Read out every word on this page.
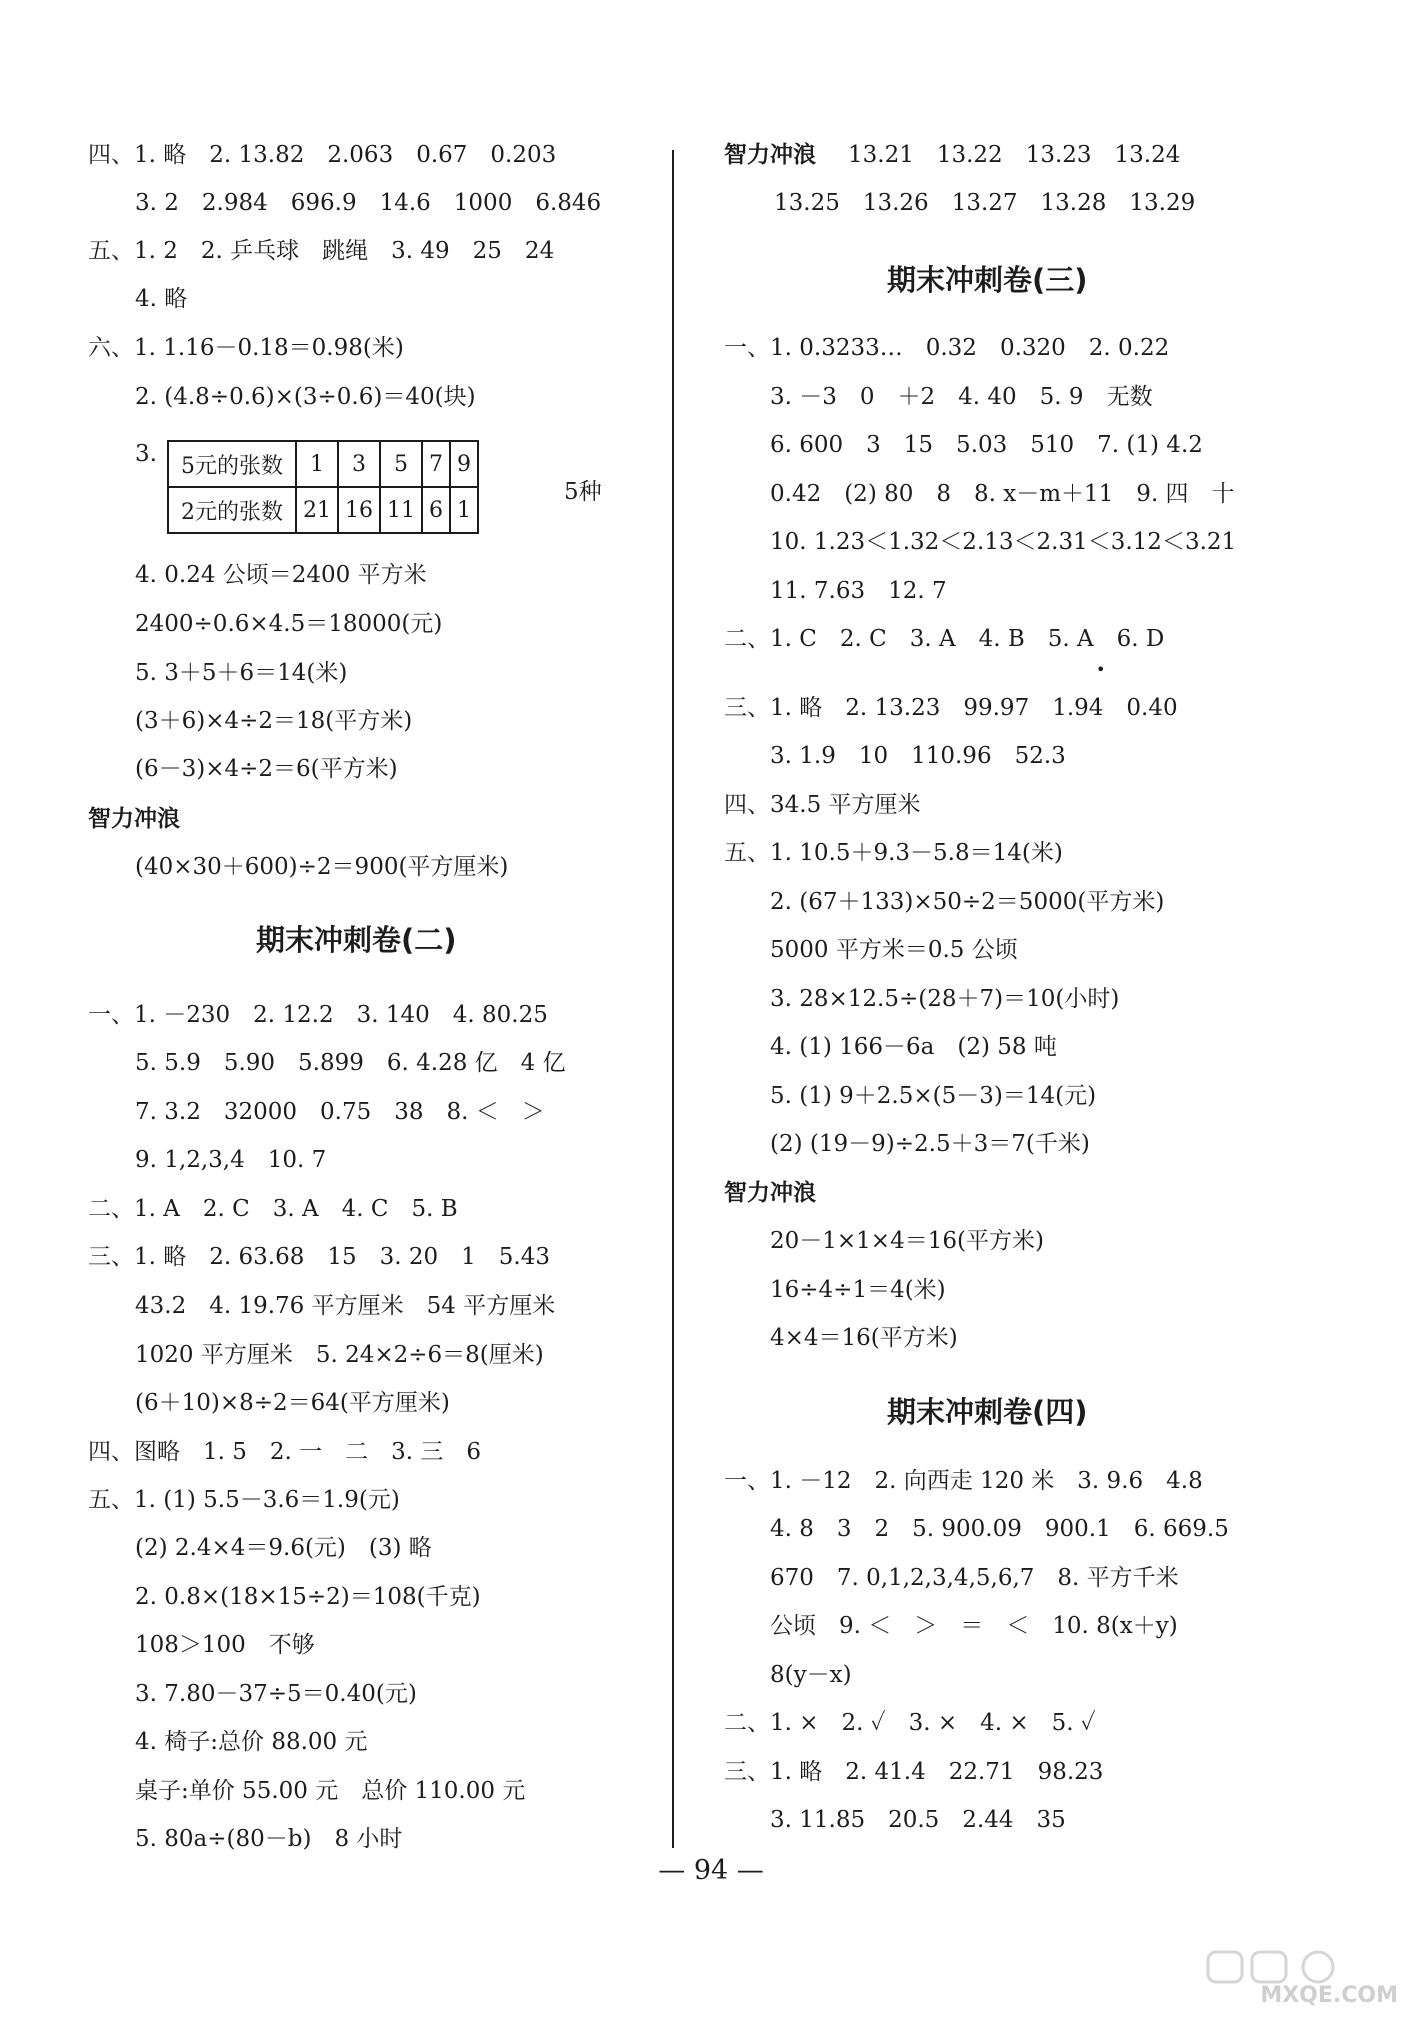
四、1. 略　2. 13.82　2.063　0.67　0.203
3. 2　2.984　696.9　14.6　1000　6.846
五、1. 2　2. 乒乓球　跳绳　3. 49　25　24
4. 略
六、1. 1.16－0.18＝0.98(米)
2. (4.8÷0.6)×(3÷0.6)＝40(块)
3. 5元的张数	1	3	5	7	9
2元的张数	21	16	11	6	1
5种
4. 0.24 公顷＝2400 平方米
2400÷0.6×4.5＝18000(元)
5. 3＋5＋6＝14(米)
(3＋6)×4÷2＝18(平方米)
(6－3)×4÷2＝6(平方米)
智力冲浪
(40×30＋600)÷2＝900(平方厘米)
期末冲刺卷(二)
一、1. －230　2. 12.2　3. 140　4. 80.25
5. 5.9　5.90　5.899　6. 4.28 亿　4 亿
7. 3.2　32000　0.75　38　8. ＜　＞
9. 1,2,3,4　10. 7
二、1. A　2. C　3. A　4. C　5. B
三、1. 略　2. 63.68　15　3. 20　1　5.43
43.2　4. 19.76 平方厘米　54 平方厘米
1020 平方厘米　5. 24×2÷6＝8(厘米)
(6＋10)×8÷2＝64(平方厘米)
四、图略　1. 5　2. 一　二　3. 三　6
五、1. (1) 5.5－3.6＝1.9(元)
(2) 2.4×4＝9.6(元)　(3) 略
2. 0.8×(18×15÷2)＝108(千克)
108＞100　不够
3. 7.80－37÷5＝0.40(元)
4. 椅子:总价 88.00 元
桌子:单价 55.00 元　总价 110.00 元
5. 80a÷(80－b)　8 小时
智力冲浪 13.21　13.22　13.23　13.24
13.25　13.26　13.27　13.28　13.29
期末冲刺卷(三)
一、1. 0.3233…　0.32　0.320　2. 0.22
3. －3　0　＋2　4. 40　5. 9　无数
6. 600　3　15　5.03　510　7. (1) 4.2
0.42　(2) 80　8　8. x－m＋11　9. 四　十
10. 1.23＜1.32＜2.13＜2.31＜3.12＜3.21
11. 7.63　12. 7
二、1. C　2. C　3. A　4. B　5. A　6. D
•
三、1. 略　2. 13.23　99.97　1.94　0.40
3. 1.9　10　110.96　52.3
四、34.5 平方厘米
五、1. 10.5＋9.3－5.8＝14(米)
2. (67＋133)×50÷2＝5000(平方米)
5000 平方米＝0.5 公顷
3. 28×12.5÷(28＋7)＝10(小时)
4. (1) 166－6a　(2) 58 吨
5. (1) 9＋2.5×(5－3)＝14(元)
(2) (19－9)÷2.5＋3＝7(千米)
智力冲浪
20－1×1×4＝16(平方米)
16÷4÷1＝4(米)
4×4＝16(平方米)
期末冲刺卷(四)
一、1. －12　2. 向西走 120 米　3. 9.6　4.8
4. 8　3　2　5. 900.09　900.1　6. 669.5
670　7. 0,1,2,3,4,5,6,7　8. 平方千米
公顷　9. ＜　＞　＝　＜　10. 8(x＋y)
8(y－x)
二、1. ×　2. ✓　3. ×　4. ×　5. ✓
三、1. 略　2. 41.4　22.71　98.23
3. 11.85　20.5　2.44　35
— 94 —
MXQE.COM
